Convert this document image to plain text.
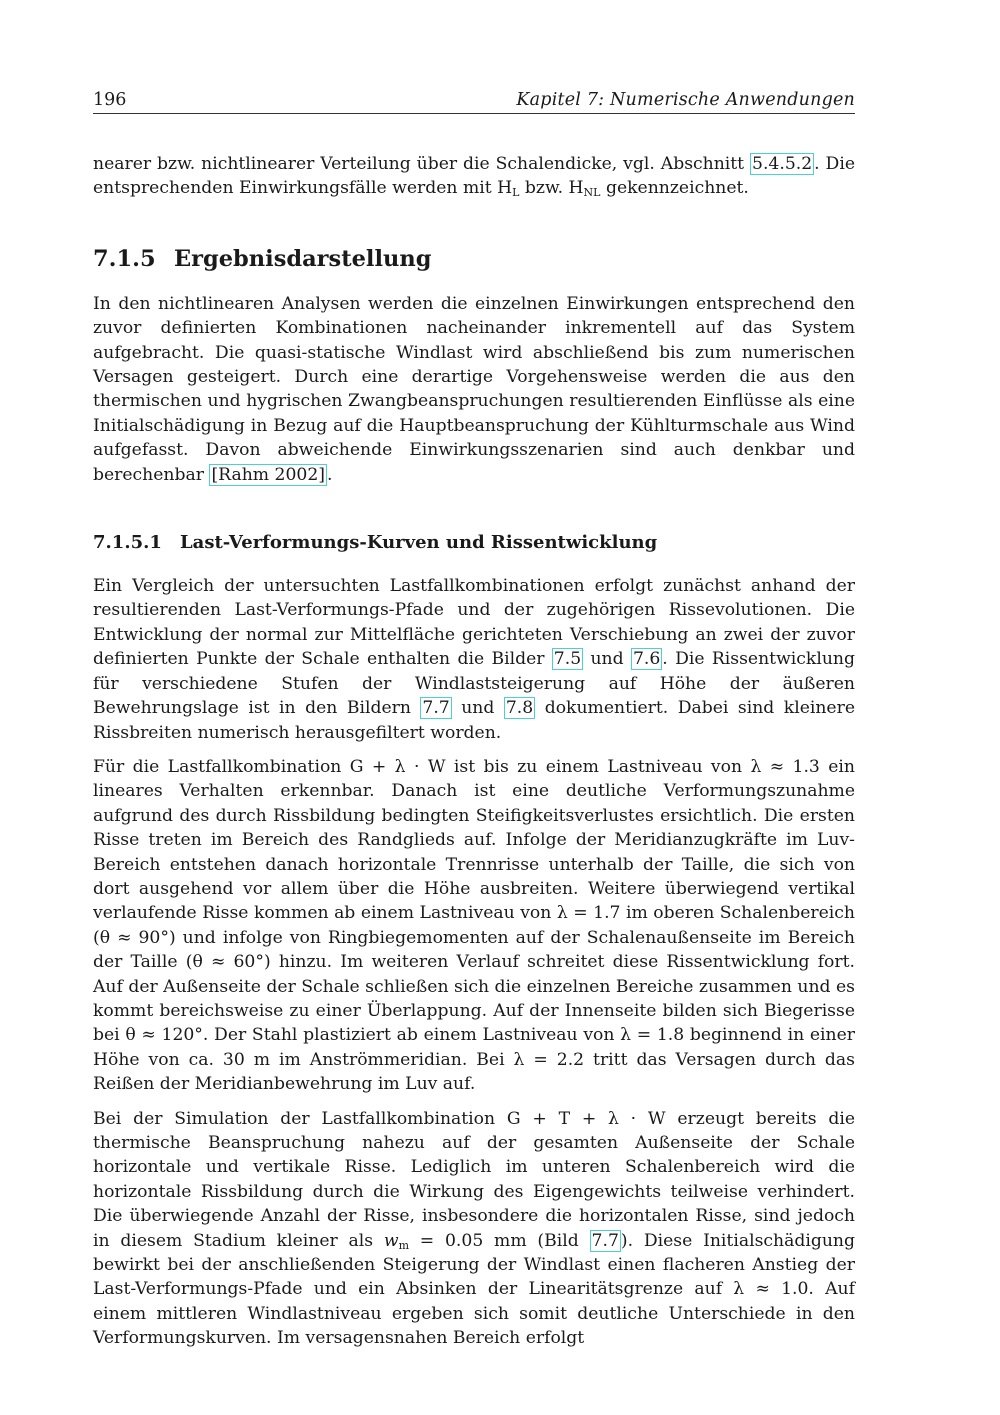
196	Kapitel 7: Numerische Anwendungen

nearer bzw. nichtlinearer Verteilung über die Schalendicke, vgl. Abschnitt 5.4.5.2 . Die entsprechenden Einwirkungsfälle werden mit $H_L$ bzw. $H_{NL}$ gekennzeichnet.

7.1.5 Ergebnisdarstellung

In den nichtlinearen Analysen werden die einzelnen Einwirkungen entsprechend den zuvor definierten Kombinationen nacheinander inkrementell auf das System aufgebracht. Die quasi-statische Windlast wird abschließend bis zum numerischen Versagen gesteigert. Durch eine derartige Vorgehensweise werden die aus den thermischen und hygrischen Zwangbeanspruchungen resultierenden Einflüsse als eine Initialschädigung in Bezug auf die Hauptbeanspruchung der Kühlturmschale aus Wind aufgefasst. Davon abweichende Einwirkungsszenarien sind auch denkbar und berechenbar [Rahm 2002] .

7.1.5.1	Last-Verformungs-Kurven und Rissentwicklung

Ein Vergleich der untersuchten Lastfallkombinationen erfolgt zunächst anhand der resultierenden Last-Verformungs-Pfade und der zugehörigen Rissevolutionen. Die Entwicklung der normal zur Mittelfläche gerichteten Verschiebung an zwei der zuvor definierten Punkte der Schale enthalten die Bilder 7.5 und 7.6 . Die Rissentwicklung für verschiedene Stufen der Windlaststeigerung auf Höhe der äußeren Bewehrungslage ist in den Bildern 7.7 und 7.8 dokumentiert. Dabei sind kleinere Rissbreiten numerisch herausgefiltert worden.

Für die Lastfallkombination G + λ · W ist bis zu einem Lastniveau von λ ≈ 1.3 ein lineares Verhalten erkennbar. Danach ist eine deutliche Verformungszunahme aufgrund des durch Rissbildung bedingten Steifigkeitsverlustes ersichtlich. Die ersten Risse treten im Bereich des Randglieds auf. Infolge der Meridianzugkräfte im Luv-Bereich entstehen danach horizontale Trennrisse unterhalb der Taille, die sich von dort ausgehend vor allem über die Höhe ausbreiten. Weitere überwiegend vertikal verlaufende Risse kommen ab einem Lastniveau von λ = 1.7 im oberen Schalenbereich (θ ≈ 90°) und infolge von Ringbiegemomenten auf der Schalenaußenseite im Bereich der Taille (θ ≈ 60°) hinzu. Im weiteren Verlauf schreitet diese Rissentwicklung fort. Auf der Außenseite der Schale schließen sich die einzelnen Bereiche zusammen und es kommt bereichsweise zu einer Überlappung. Auf der Innenseite bilden sich Biegerisse bei θ ≈ 120°. Der Stahl plastiziert ab einem Lastniveau von λ = 1.8 beginnend in einer Höhe von ca. 30 m im Anströmmeridian. Bei λ = 2.2 tritt das Versagen durch das Reißen der Meridianbewehrung im Luv auf.

Bei der Simulation der Lastfallkombination G + T + λ · W erzeugt bereits die thermische Beanspruchung nahezu auf der gesamten Außenseite der Schale horizontale und vertikale Risse. Lediglich im unteren Schalenbereich wird die horizontale Rissbildung durch die Wirkung des Eigengewichts teilweise verhindert. Die überwiegende Anzahl der Risse, insbesondere die horizontalen Risse, sind jedoch in diesem Stadium kleiner als $w_m = 0.05$ mm (Bild 7.7 ). Diese Initialschädigung bewirkt bei der anschließenden Steigerung der Windlast einen flacheren Anstieg der Last-Verformungs-Pfade und ein Absinken der Linearitätsgrenze auf λ ≈ 1.0. Auf einem mittleren Windlastniveau ergeben sich somit deutliche Unterschiede in den Verformungskurven. Im versagensnahen Bereich erfolgt
